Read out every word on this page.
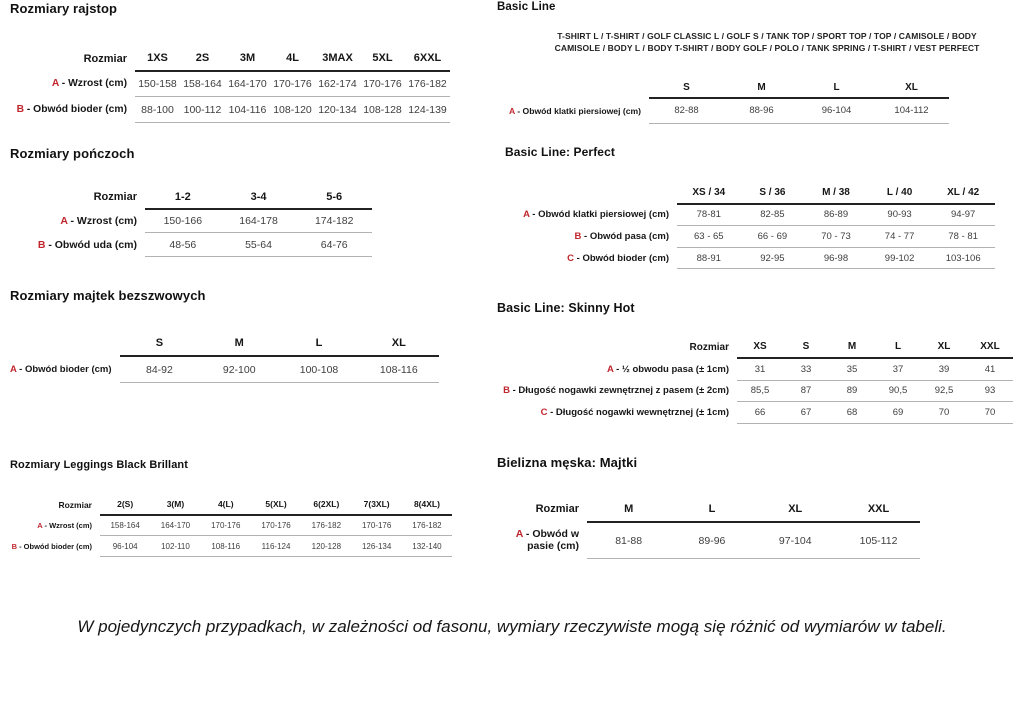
Rozmiary rajstop
Rozmiar	1XS	2S	3M	4L	3MAX	5XL	6XXL
A - Wzrost (cm)	150-158	158-164	164-170	170-176	162-174	170-176	176-182
B - Obwód bioder (cm)	88-100	100-112	104-116	108-120	120-134	108-128	124-139
Rozmiary pończoch
Rozmiar	1-2	3-4	5-6
A - Wzrost (cm)	150-166	164-178	174-182
B - Obwód uda (cm)	48-56	55-64	64-76
Rozmiary majtek bezszwowych
	S	M	L	XL
A - Obwód bioder (cm)	84-92	92-100	100-108	108-116
Rozmiary Leggings Black Brillant
Rozmiar	2(S)	3(M)	4(L)	5(XL)	6(2XL)	7(3XL)	8(4XL)
A - Wzrost (cm)	158-164	164-170	170-176	170-176	176-182	170-176	176-182
B - Obwód bioder (cm)	96-104	102-110	108-116	116-124	120-128	126-134	132-140
Basic Line
T-SHIRT L / T-SHIRT / GOLF CLASSIC L / GOLF S / TANK TOP / SPORT TOP / TOP / CAMISOLE / BODY
CAMISOLE / BODY L / BODY T-SHIRT / BODY GOLF / POLO / TANK SPRING / T-SHIRT / VEST PERFECT
	S	M	L	XL
A - Obwód klatki piersiowej (cm)	82-88	88-96	96-104	104-112
Basic Line: Perfect
	XS / 34	S / 36	M / 38	L / 40	XL / 42
A - Obwód klatki piersiowej (cm)	78-81	82-85	86-89	90-93	94-97
B - Obwód pasa (cm)	63 - 65	66 - 69	70 - 73	74 - 77	78 - 81
C - Obwód bioder (cm)	88-91	92-95	96-98	99-102	103-106
Basic Line: Skinny Hot
Rozmiar	XS	S	M	L	XL	XXL
A - ½ obwodu pasa (± 1cm)	31	33	35	37	39	41
B - Długość nogawki zewnętrznej z pasem (± 2cm)	85,5	87	89	90,5	92,5	93
C - Długość nogawki wewnętrznej (± 1cm)	66	67	68	69	70	70
Bielizna męska: Majtki
Rozmiar	M	L	XL	XXL
A - Obwód w pasie (cm)	81-88	89-96	97-104	105-112
W pojedynczych przypadkach, w zależności od fasonu, wymiary rzeczywiste mogą się różnić od wymiarów w tabeli.
